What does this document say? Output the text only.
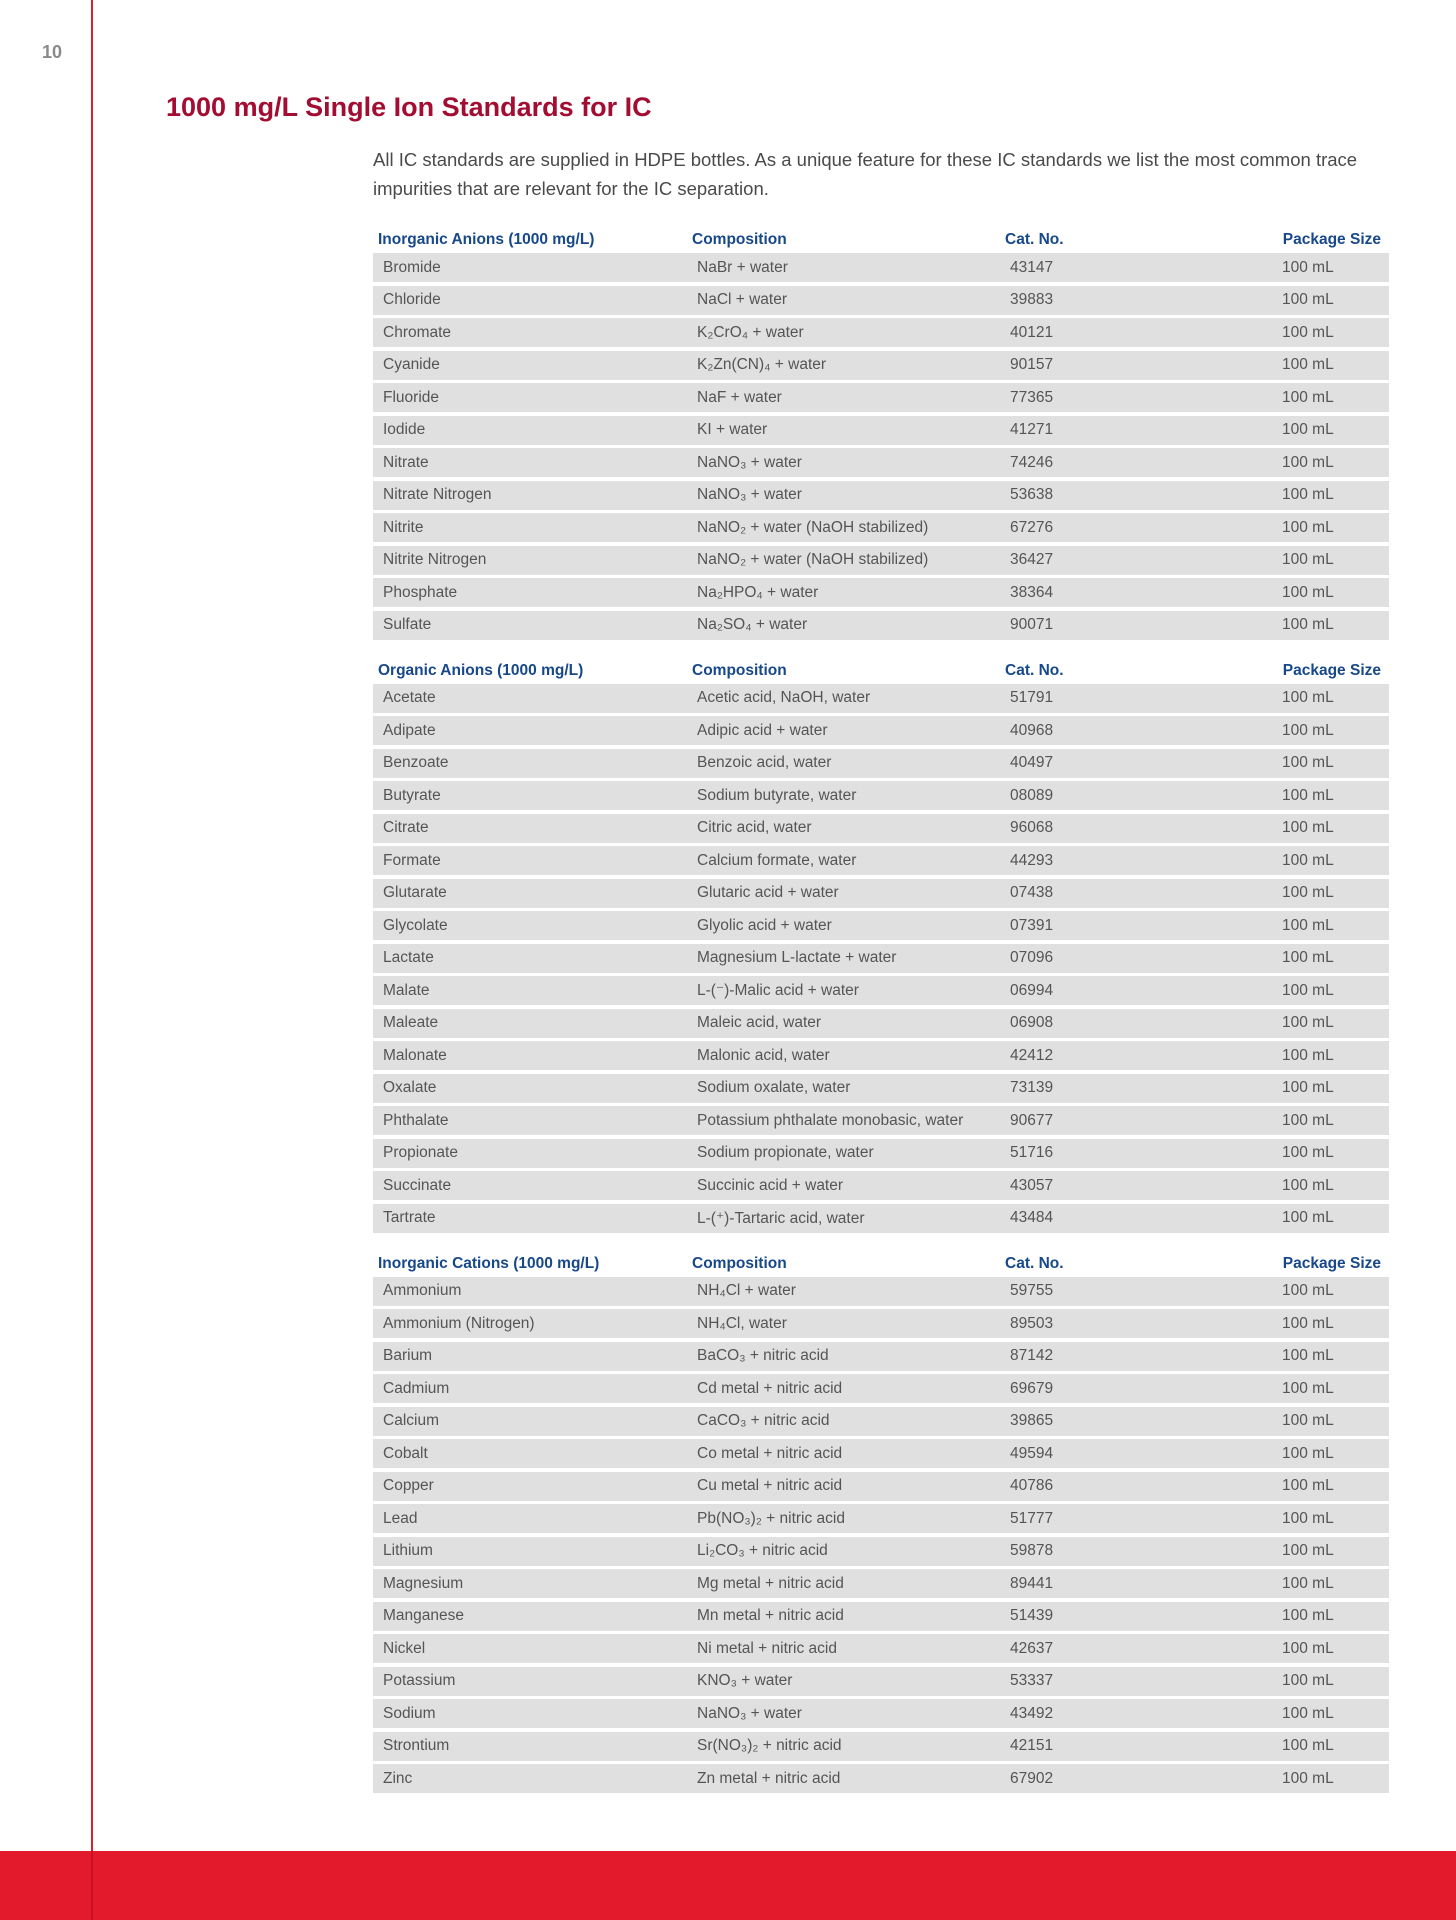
10
1000 mg/L Single Ion Standards for IC

All IC standards are supplied in HDPE bottles. As a unique feature for these IC standards we list the most common trace impurities that are relevant for the IC separation.

Inorganic Anions (1000 mg/L)	Composition	Cat. No.	Package Size
Bromide	NaBr + water	43147	100 mL
Chloride	NaCl + water	39883	100 mL
Chromate	K₂CrO₄ + water	40121	100 mL
Cyanide	K₂Zn(CN)₄ + water	90157	100 mL
Fluoride	NaF + water	77365	100 mL
Iodide	KI + water	41271	100 mL
Nitrate	NaNO₃ + water	74246	100 mL
Nitrate Nitrogen	NaNO₃ + water	53638	100 mL
Nitrite	NaNO₂ + water (NaOH stabilized)	67276	100 mL
Nitrite Nitrogen	NaNO₂ + water (NaOH stabilized)	36427	100 mL
Phosphate	Na₂HPO₄ + water	38364	100 mL
Sulfate	Na₂SO₄ + water	90071	100 mL
Organic Anions (1000 mg/L)	Composition	Cat. No.	Package Size
Acetate	Acetic acid, NaOH, water	51791	100 mL
Adipate	Adipic acid + water	40968	100 mL
Benzoate	Benzoic acid, water	40497	100 mL
Butyrate	Sodium butyrate, water	08089	100 mL
Citrate	Citric acid, water	96068	100 mL
Formate	Calcium formate, water	44293	100 mL
Glutarate	Glutaric acid + water	07438	100 mL
Glycolate	Glyolic acid + water	07391	100 mL
Lactate	Magnesium L-lactate + water	07096	100 mL
Malate	L-(⁻)-Malic acid + water	06994	100 mL
Maleate	Maleic acid, water	06908	100 mL
Malonate	Malonic acid, water	42412	100 mL
Oxalate	Sodium oxalate, water	73139	100 mL
Phthalate	Potassium phthalate monobasic, water	90677	100 mL
Propionate	Sodium propionate, water	51716	100 mL
Succinate	Succinic acid + water	43057	100 mL
Tartrate	L-(⁺)-Tartaric acid, water	43484	100 mL
Inorganic Cations (1000 mg/L)	Composition	Cat. No.	Package Size
Ammonium	NH₄Cl + water	59755	100 mL
Ammonium (Nitrogen)	NH₄Cl, water	89503	100 mL
Barium	BaCO₃ + nitric acid	87142	100 mL
Cadmium	Cd metal + nitric acid	69679	100 mL
Calcium	CaCO₃ + nitric acid	39865	100 mL
Cobalt	Co metal + nitric acid	49594	100 mL
Copper	Cu metal + nitric acid	40786	100 mL
Lead	Pb(NO₃)₂ + nitric acid	51777	100 mL
Lithium	Li₂CO₃ + nitric acid	59878	100 mL
Magnesium	Mg metal + nitric acid	89441	100 mL
Manganese	Mn metal + nitric acid	51439	100 mL
Nickel	Ni metal + nitric acid	42637	100 mL
Potassium	KNO₃ + water	53337	100 mL
Sodium	NaNO₃ + water	43492	100 mL
Strontium	Sr(NO₃)₂ + nitric acid	42151	100 mL
Zinc	Zn metal + nitric acid	67902	100 mL
